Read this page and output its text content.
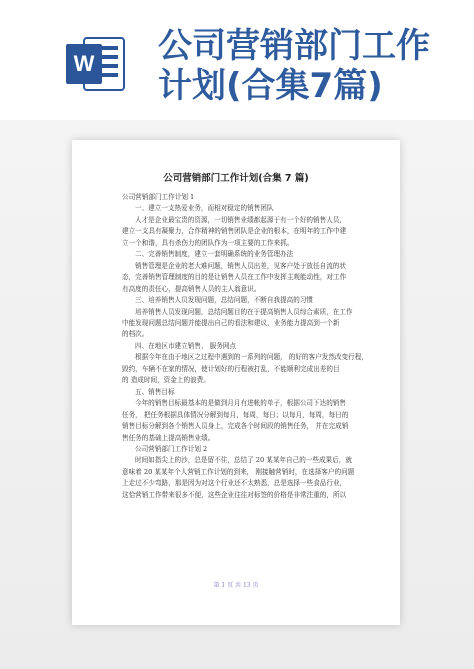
W 公司营销部门工作计划(合集7篇)
公司营销部门工作计划(合集 7 篇)

公司营销部门工作计划 1

一、建立一支热爱业务，而相对稳定的销售团队

人才是企业最宝贵的资源，一切销售业绩都起源于有一个好的销售人员，

建立一支具有凝聚力，合作精神的销售团队是企业的根本，在明年的工作中建

立一个和谐，具有杀伤力的团队作为一项主要的工作来抓。

二、完善销售制度，建立一套明确系统的业务管理办法

销售管理是企业的老大难问题，销售人员出差，见客户处于放任自流的状

态，完善销售管理制度的目的是让销售人员在工作中发挥主观能动性，对工作

有高度的责任心，提高销售人员的主人翁意识。

三、培养销售人员发现问题，总结问题，不断自我提高的习惯

培养销售人员发现问题，总结问题目的在于提高销售人员综合素质，在工作

中能发现问题总结问题并能提出自己的看法和建议，业务能力提高到一个新

的档次。

四、在地区市建立销售、 服务网点

根据今年在由于地区之过程中遇到的一系列的问题， 的好的客户发然改变行程，

毁约，车辆不在家的情况，使计划好的行程被打乱，不能顺利完成出差的目

的 造成时间，资金上的浪费。

五、销售目标

今年的销售目标最基本的是做到月月有进帐的单子，根据公司下达的销售

任务， 把任务根据具体情况分解到每月，每周，每日；以每月，每周，每日的

销售目标分解到各个销售人员身上，完成各个时间段的销售任务， 并在完成销

售任务的基础上提高销售业绩。

公司营销部门工作计划 2

时间如指尖上的沙，总是留不住，总结了 20 某某年自己的一些成果后，就

意味着 20 某某年个人营销工作计划的到来， 刚接触营销时，在选择客户的问题

上走过不少弯路，那是因为对这个行业还不太熟悉，总是选择一些食品行业，

这恰营销工作带来很多不便，这些企业往往对标签的价格是非常注重的，所以

第 1 页 共 13 页
